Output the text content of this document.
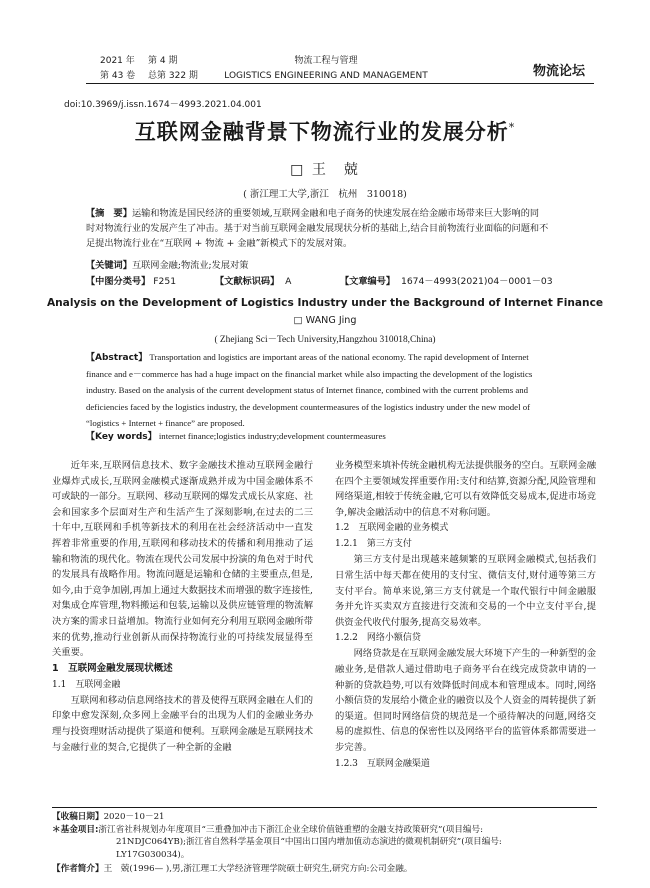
2021 年 第 4 期
第 43 卷 总第 322 期
物流工程与管理
LOGISTICS ENGINEERING AND MANAGEMENT	物流论坛
doi:10.3969/j.issn.1674－4993.2021.04.001
互联网金融背景下物流行业的发展分析*
□ 王　兢
( 浙江理工大学,浙江　杭州　310018)
【摘　要】运输和物流是国民经济的重要领域,互联网金融和电子商务的快速发展在给金融市场带来巨大影响的同
时对物流行业的发展产生了冲击。基于对当前互联网金融发展现状分析的基础上,结合目前物流行业面临的问题和不
足提出物流行业在“互联网 + 物流 + 金融”新模式下的发展对策。
【关键词】互联网金融;物流业;发展对策
【中图分类号】 F251	【文献标识码】 A	【文章编号】 1674－4993(2021)04－0001－03
Analysis on the Development of Logistics Industry under the Background of Internet Finance
□ WANG Jing
( Zhejiang Sci－Tech University,Hangzhou 310018,China)
【Abstract】 Transportation and logistics are important areas of the national economy. The rapid development of Internet
finance and e－commerce has had a huge impact on the financial market while also impacting the development of the logistics
industry. Based on the analysis of the current development status of Internet finance, combined with the current problems and
deficiencies faced by the logistics industry, the development countermeasures of the logistics industry under the new model of
“logistics + Internet + finance” are proposed.
【Key words】 internet finance;logistics industry;development countermeasures

近年来,互联网信息技术、数字金融技术推动互联网金融行业爆炸式成长,互联网金融模式逐渐成熟并成为中国金融体系不可或缺的一部分。互联网、移动互联网的爆发式成长从家庭、社会和国家多个层面对生产和生活产生了深刻影响,在过去的二三十年中,互联网和手机等新技术的利用在社会经济活动中一直发挥着非常重要的作用,互联网和移动技术的传播和利用推动了运输和物流的现代化。物流在现代公司发展中扮演的角色对于时代的发展具有战略作用。物流问题是运输和仓储的主要重点,但是,如今,由于竞争加剧,再加上通过大数据技术而增强的数字连接性,对集成仓库管理,物料搬运和包装,运输以及供应链管理的物流解决方案的需求日益增加。物流行业如何充分利用互联网金融所带来的优势,推动行业创新从而保持物流行业的可持续发展显得至关重要。

1　互联网金融发展现状概述

1.1　互联网金融

互联网和移动信息网络技术的普及使得互联网金融在人们的印象中愈发深刻,众多网上金融平台的出现为人们的金融业务办理与投资理财活动提供了渠道和便利。互联网金融是互联网技术与金融行业的契合,它提供了一种全新的金融

业务模型来填补传统金融机构无法提供服务的空白。互联网金融在四个主要领域发挥重要作用:支付和结算,资源分配,风险管理和网络渠道,相较于传统金融,它可以有效降低交易成本,促进市场竞争,解决金融活动中的信息不对称问题。

1.2　互联网金融的业务模式

1.2.1　第三方支付

第三方支付是出现越来越频繁的互联网金融模式,包括我们日常生活中每天都在使用的支付宝、微信支付,财付通等第三方支付平台。简单来说,第三方支付就是一个取代银行中间金融服务并允许买卖双方直接进行交流和交易的一个中立支付平台,提供资金代收代付服务,提高交易效率。

1.2.2　网络小额信贷

网络贷款是在互联网金融发展大环境下产生的一种新型的金融业务,是借款人通过借助电子商务平台在线完成贷款申请的一种新的贷款趋势,可以有效降低时间成本和管理成本。同时,网络小额信贷的发展给小微企业的融资以及个人资金的周转提供了新的渠道。但同时网络信贷的规范是一个亟待解决的问题,网络交易的虚拟性、信息的保密性以及网络平台的监管体系都需要进一步完善。

1.2.3　互联网金融渠道

【收稿日期】2020－10－21
＊基金项目:浙江省社科规划办年度项目“三重叠加冲击下浙江企业全球价值链重塑的金融支持政策研究”(项目编号:
21NDJC064YB);浙江省自然科学基金项目“中国出口国内增加值动态演进的微观机制研究”(项目编号:
LY17G030034)。
【作者简介】王　兢(1996— ),男,浙江理工大学经济管理学院硕士研究生,研究方向:公司金融。
